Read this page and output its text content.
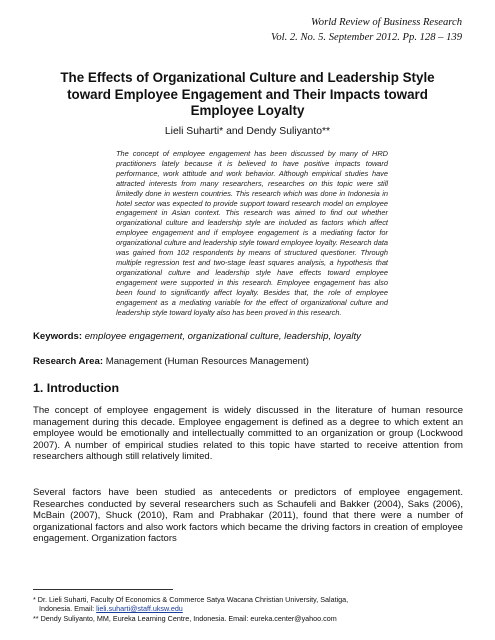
World Review of Business Research
Vol. 2. No. 5. September 2012. Pp. 128 – 139
The Effects of Organizational Culture and Leadership Style toward Employee Engagement and Their Impacts toward Employee Loyalty
Lieli Suharti* and Dendy Suliyanto**

The concept of employee engagement has been discussed by many of HRD practitioners lately because it is believed to have positive impacts toward performance, work attitude and work behavior. Although empirical studies have attracted interests from many researchers, researches on this topic were still limitedly done in western countries. This research which was done in Indonesia in hotel sector was expected to provide support toward research model on employee engagement in Asian context. This research was aimed to find out whether organizational culture and leadership style are included as factors which affect employee engagement and if employee engagement is a mediating factor for organizational culture and leadership style toward employee loyalty. Research data was gained from 102 respondents by means of structured questioner. Through multiple regression test and two-stage least squares analysis, a hypothesis that organizational culture and leadership style have effects toward employee engagement were supported in this research. Employee engagement has also been found to significantly affect loyalty. Besides that, the role of employee engagement as a mediating variable for the effect of organizational culture and leadership style toward loyalty also has been proved in this research.

Keywords: employee engagement, organizational culture, leadership, loyalty
Research Area: Management (Human Resources Management)
1. Introduction

The concept of employee engagement is widely discussed in the literature of human resource management during this decade. Employee engagement is defined as a degree to which extent an employee would be emotionally and intellectually committed to an organization or group (Lockwood 2007). A number of empirical studies related to this topic have started to receive attention from researchers although still relatively limited.

Several factors have been studied as antecedents or predictors of employee engagement. Researches conducted by several researchers such as Schaufeli and Bakker (2004), Saks (2006), McBain (2007), Shuck (2010), Ram and Prabhakar (2011), found that there were a number of organizational factors and also work factors which became the driving factors in creation of employee engagement. Organization factors

* Dr. Lieli Suharti, Faculty Of Economics & Commerce Satya Wacana Christian University, Salatiga,
Indonesia. Email: lieli.suharti@staff.uksw.edu
** Dendy Suliyanto, MM, Eureka Learning Centre, Indonesia. Email: eureka.center@yahoo.com
